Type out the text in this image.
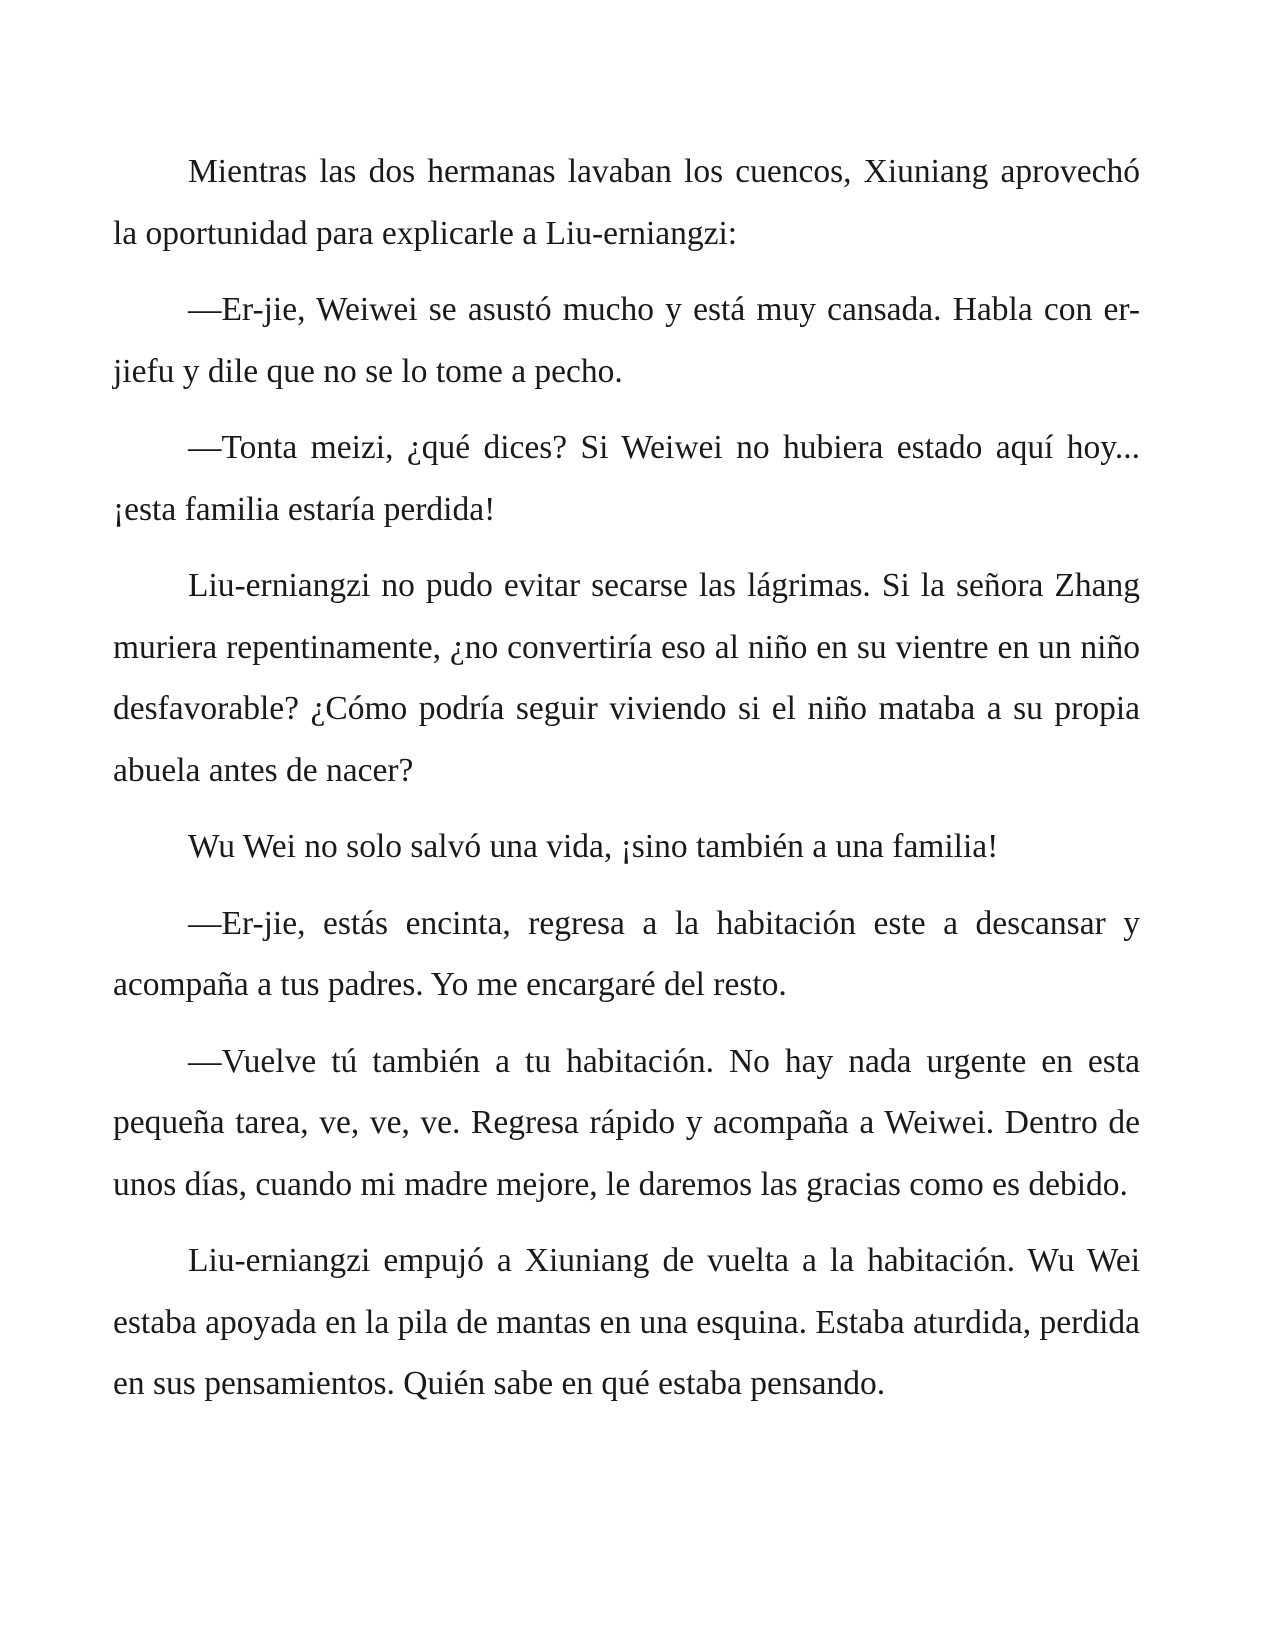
Mientras las dos hermanas lavaban los cuencos, Xiuniang aprovechó la oportunidad para explicarle a Liu-erniangzi:

—Er-jie, Weiwei se asustó mucho y está muy cansada. Habla con er-jiefu y dile que no se lo tome a pecho.

—Tonta meizi, ¿qué dices? Si Weiwei no hubiera estado aquí hoy... ¡esta familia estaría perdida!

Liu-erniangzi no pudo evitar secarse las lágrimas. Si la señora Zhang muriera repentinamente, ¿no convertiría eso al niño en su vientre en un niño desfavorable? ¿Cómo podría seguir viviendo si el niño mataba a su propia abuela antes de nacer?

Wu Wei no solo salvó una vida, ¡sino también a una familia!

—Er-jie, estás encinta, regresa a la habitación este a descansar y acompaña a tus padres. Yo me encargaré del resto.

—Vuelve tú también a tu habitación. No hay nada urgente en esta pequeña tarea, ve, ve, ve. Regresa rápido y acompaña a Weiwei. Dentro de unos días, cuando mi madre mejore, le daremos las gracias como es debido.

Liu-erniangzi empujó a Xiuniang de vuelta a la habitación. Wu Wei estaba apoyada en la pila de mantas en una esquina. Estaba aturdida, perdida en sus pensamientos. Quién sabe en qué estaba pensando.
